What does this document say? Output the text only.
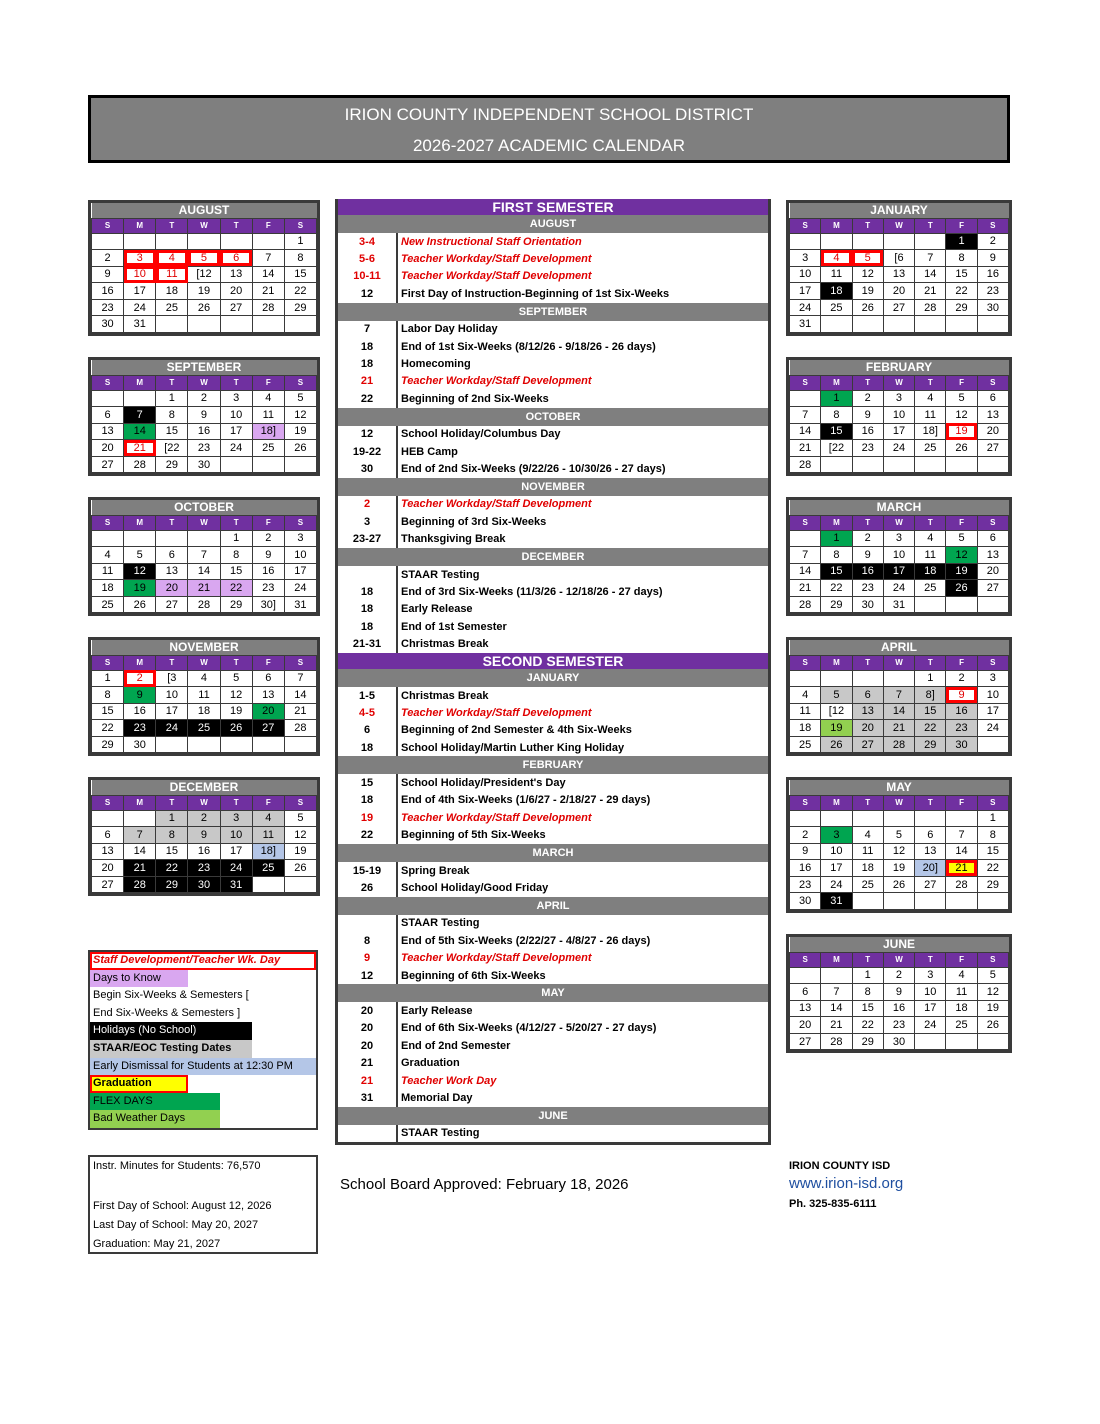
IRION COUNTY INDEPENDENT SCHOOL DISTRICT
2026-2027 ACADEMIC CALENDAR
AUGUST						
S	M	T	W	T	F	S
						1
2	3	4	5	6	7	8
9	10	11	[12	13	14	15
16	17	18	19	20	21	22
23	24	25	26	27	28	29
30	31					
SEPTEMBER						
S	M	T	W	T	F	S
		1	2	3	4	5
6	7	8	9	10	11	12
13	14	15	16	17	18]	19
20	21	[22	23	24	25	26
27	28	29	30			
OCTOBER						
S	M	T	W	T	F	S
				1	2	3
4	5	6	7	8	9	10
11	12	13	14	15	16	17
18	19	20	21	22	23	24
25	26	27	28	29	30]	31
NOVEMBER						
S	M	T	W	T	F	S
1	2	[3	4	5	6	7
8	9	10	11	12	13	14
15	16	17	18	19	20	21
22	23	24	25	26	27	28
29	30					
DECEMBER						
S	M	T	W	T	F	S
		1	2	3	4	5
6	7	8	9	10	11	12
13	14	15	16	17	18]	19
20	21	22	23	24	25	26
27	28	29	30	31		
JANUARY						
S	M	T	W	T	F	S
					1	2
3	4	5	[6	7	8	9
10	11	12	13	14	15	16
17	18	19	20	21	22	23
24	25	26	27	28	29	30
31						
FEBRUARY						
S	M	T	W	T	F	S
	1	2	3	4	5	6
7	8	9	10	11	12	13
14	15	16	17	18]	19	20
21	[22	23	24	25	26	27
28						
MARCH						
S	M	T	W	T	F	S
	1	2	3	4	5	6
7	8	9	10	11	12	13
14	15	16	17	18	19	20
21	22	23	24	25	26	27
28	29	30	31			
APRIL						
S	M	T	W	T	F	S
				1	2	3
4	5	6	7	8]	9	10
11	[12	13	14	15	16	17
18	19	20	21	22	23	24
25	26	27	28	29	30	
MAY						
S	M	T	W	T	F	S
						1
2	3	4	5	6	7	8
9	10	11	12	13	14	15
16	17	18	19	20]	21	22
23	24	25	26	27	28	29
30	31					
JUNE						
S	M	T	W	T	F	S
		1	2	3	4	5
6	7	8	9	10	11	12
13	14	15	16	17	18	19
20	21	22	23	24	25	26
27	28	29	30			
FIRST SEMESTER
AUGUST
3-4	New Instructional Staff Orientation
5-6	Teacher Workday/Staff Development
10-11	Teacher Workday/Staff Development
12	First Day of Instruction-Beginning of 1st Six-Weeks
SEPTEMBER
7	Labor Day Holiday
18	End of 1st Six-Weeks (8/12/26 - 9/18/26 - 26 days)
18	Homecoming
21	Teacher Workday/Staff Development
22	Beginning of 2nd Six-Weeks
OCTOBER
12	School Holiday/Columbus Day
19-22	HEB Camp
30	End of 2nd Six-Weeks (9/22/26 - 10/30/26 - 27 days)
NOVEMBER
2	Teacher Workday/Staff Development
3	Beginning of 3rd Six-Weeks
23-27	Thanksgiving Break
DECEMBER
STAAR Testing
18	End of 3rd Six-Weeks (11/3/26 - 12/18/26 - 27 days)
18	Early Release
18	End of 1st Semester
21-31	Christmas Break
SECOND SEMESTER
JANUARY
1-5	Christmas Break
4-5	Teacher Workday/Staff Development
6	Beginning of 2nd Semester & 4th Six-Weeks
18	School Holiday/Martin Luther King Holiday
FEBRUARY
15	School Holiday/President's Day
18	End of 4th Six-Weeks (1/6/27 - 2/18/27 - 29 days)
19	Teacher Workday/Staff Development
22	Beginning of 5th Six-Weeks
MARCH
15-19	Spring Break
26	School Holiday/Good Friday
APRIL
STAAR Testing
8	End of 5th Six-Weeks (2/22/27 - 4/8/27 - 26 days)
9	Teacher Workday/Staff Development
12	Beginning of 6th Six-Weeks
MAY
20	Early Release
20	End of 6th Six-Weeks (4/12/27 - 5/20/27 - 27 days)
20	End of 2nd Semester
21	Graduation
21	Teacher Work Day
31	Memorial Day
JUNE
STAAR Testing
Staff Development/Teacher Wk. Day
Days to Know
Begin Six-Weeks & Semesters [
End Six-Weeks & Semesters ]
Holidays (No School)
STAAR/EOC Testing Dates
Early Dismissal for Students at 12:30 PM
Graduation
FLEX DAYS
Bad Weather Days
Instr. Minutes for Students: 76,570
First Day of School: August 12, 2026
Last Day of School: May 20, 2027
Graduation: May 21, 2027
School Board Approved: February 18, 2026
IRION COUNTY ISD
www.irion-isd.org
Ph. 325-835-6111
